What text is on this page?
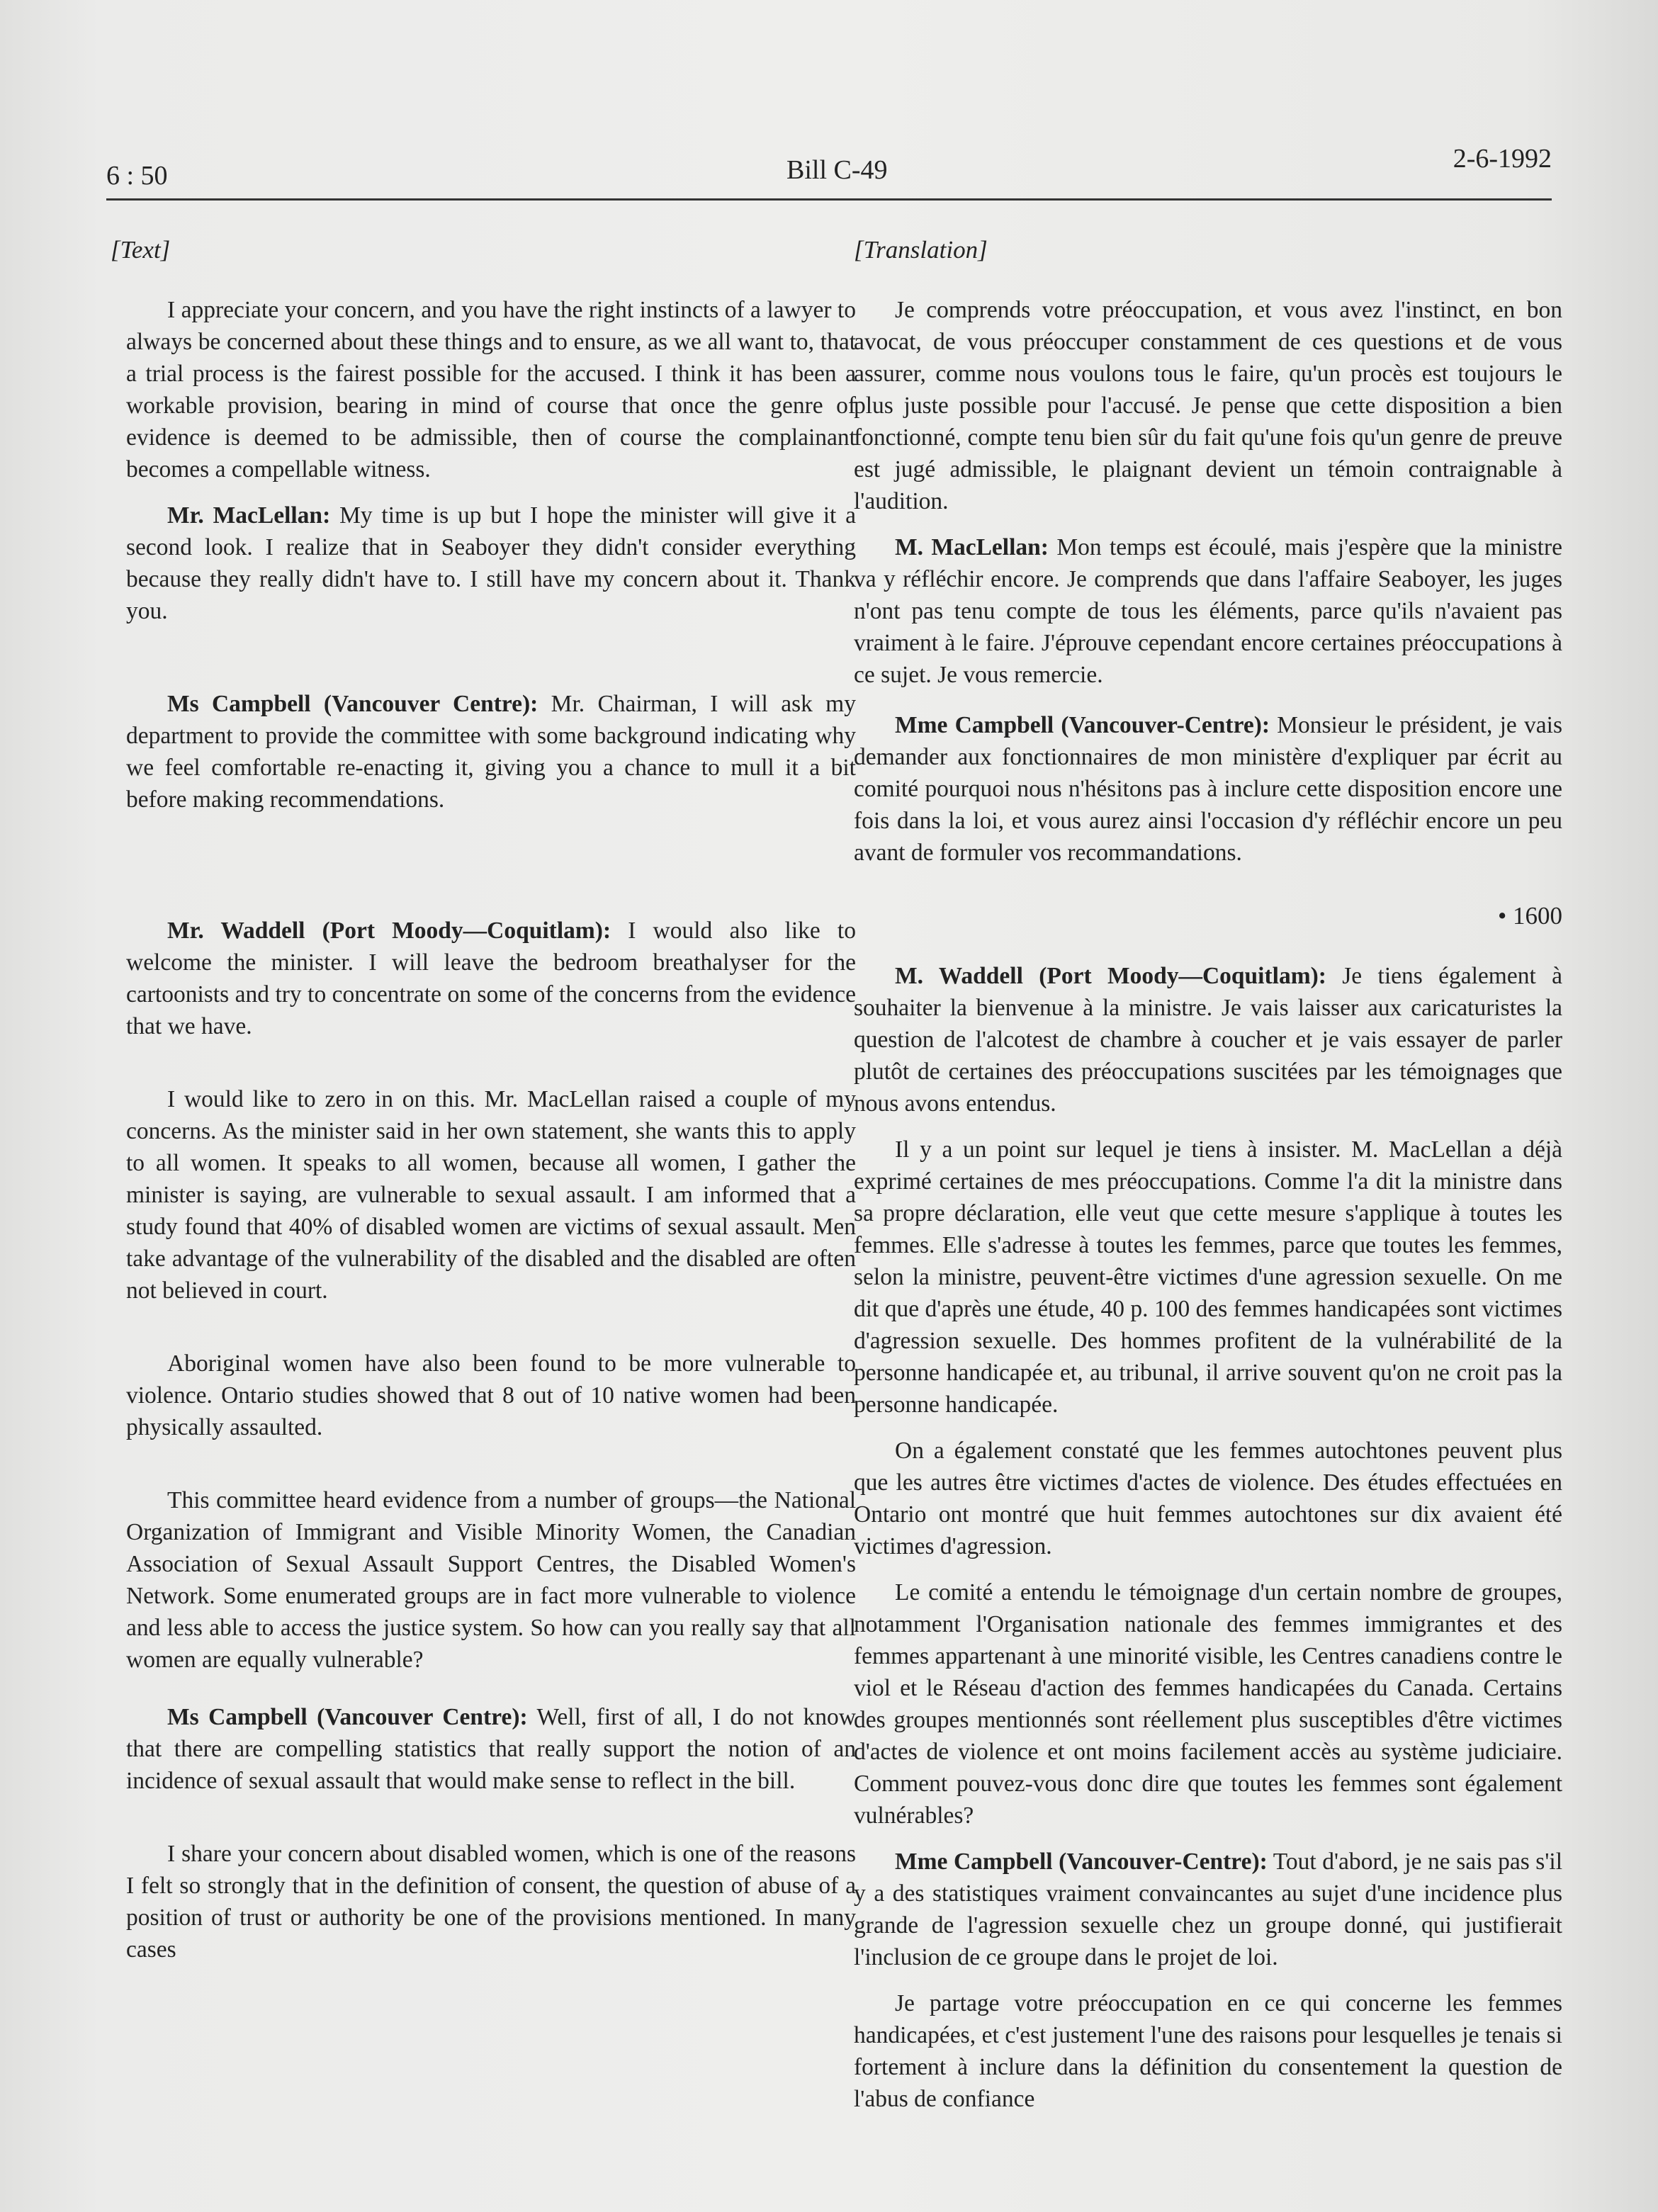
6 : 50	Bill C-49	2-6-1992
[Text]

I appreciate your concern, and you have the right instincts of a lawyer to always be concerned about these things and to ensure, as we all want to, that a trial process is the fairest possible for the accused. I think it has been a workable provision, bearing in mind of course that once the genre of evidence is deemed to be admissible, then of course the complainant becomes a compellable witness.

Mr. MacLellan: My time is up but I hope the minister will give it a second look. I realize that in Seaboyer they didn't consider everything because they really didn't have to. I still have my concern about it. Thank you.

Ms Campbell (Vancouver Centre): Mr. Chairman, I will ask my department to provide the committee with some background indicating why we feel comfortable re-enacting it, giving you a chance to mull it a bit before making recommendations.

Mr. Waddell (Port Moody—Coquitlam): I would also like to welcome the minister. I will leave the bedroom breathalyser for the cartoonists and try to concentrate on some of the concerns from the evidence that we have.

I would like to zero in on this. Mr. MacLellan raised a couple of my concerns. As the minister said in her own statement, she wants this to apply to all women. It speaks to all women, because all women, I gather the minister is saying, are vulnerable to sexual assault. I am informed that a study found that 40% of disabled women are victims of sexual assault. Men take advantage of the vulnerability of the disabled and the disabled are often not believed in court.

Aboriginal women have also been found to be more vulnerable to violence. Ontario studies showed that 8 out of 10 native women had been physically assaulted.

This committee heard evidence from a number of groups—the National Organization of Immigrant and Visible Minority Women, the Canadian Association of Sexual Assault Support Centres, the Disabled Women's Network. Some enumerated groups are in fact more vulnerable to violence and less able to access the justice system. So how can you really say that all women are equally vulnerable?

Ms Campbell (Vancouver Centre): Well, first of all, I do not know that there are compelling statistics that really support the notion of an incidence of sexual assault that would make sense to reflect in the bill.

I share your concern about disabled women, which is one of the reasons I felt so strongly that in the definition of consent, the question of abuse of a position of trust or authority be one of the provisions mentioned. In many cases

[Translation]

Je comprends votre préoccupation, et vous avez l'instinct, en bon avocat, de vous préoccuper constamment de ces questions et de vous assurer, comme nous voulons tous le faire, qu'un procès est toujours le plus juste possible pour l'accusé. Je pense que cette disposition a bien fonctionné, compte tenu bien sûr du fait qu'une fois qu'un genre de preuve est jugé admissible, le plaignant devient un témoin contraignable à l'audition.

M. MacLellan: Mon temps est écoulé, mais j'espère que la ministre va y réfléchir encore. Je comprends que dans l'affaire Seaboyer, les juges n'ont pas tenu compte de tous les éléments, parce qu'ils n'avaient pas vraiment à le faire. J'éprouve cependant encore certaines préoccupations à ce sujet. Je vous remercie.

Mme Campbell (Vancouver-Centre): Monsieur le président, je vais demander aux fonctionnaires de mon ministère d'expliquer par écrit au comité pourquoi nous n'hésitons pas à inclure cette disposition encore une fois dans la loi, et vous aurez ainsi l'occasion d'y réfléchir encore un peu avant de formuler vos recommandations.

• 1600

M. Waddell (Port Moody—Coquitlam): Je tiens également à souhaiter la bienvenue à la ministre. Je vais laisser aux caricaturistes la question de l'alcotest de chambre à coucher et je vais essayer de parler plutôt de certaines des préoccupations suscitées par les témoignages que nous avons entendus.

Il y a un point sur lequel je tiens à insister. M. MacLellan a déjà exprimé certaines de mes préoccupations. Comme l'a dit la ministre dans sa propre déclaration, elle veut que cette mesure s'applique à toutes les femmes. Elle s'adresse à toutes les femmes, parce que toutes les femmes, selon la ministre, peuvent-être victimes d'une agression sexuelle. On me dit que d'après une étude, 40 p. 100 des femmes handicapées sont victimes d'agression sexuelle. Des hommes profitent de la vulnérabilité de la personne handicapée et, au tribunal, il arrive souvent qu'on ne croit pas la personne handicapée.

On a également constaté que les femmes autochtones peuvent plus que les autres être victimes d'actes de violence. Des études effectuées en Ontario ont montré que huit femmes autochtones sur dix avaient été victimes d'agression.

Le comité a entendu le témoignage d'un certain nombre de groupes, notamment l'Organisation nationale des femmes immigrantes et des femmes appartenant à une minorité visible, les Centres canadiens contre le viol et le Réseau d'action des femmes handicapées du Canada. Certains des groupes mentionnés sont réellement plus susceptibles d'être victimes d'actes de violence et ont moins facilement accès au système judiciaire. Comment pouvez-vous donc dire que toutes les femmes sont également vulnérables?

Mme Campbell (Vancouver-Centre): Tout d'abord, je ne sais pas s'il y a des statistiques vraiment convaincantes au sujet d'une incidence plus grande de l'agression sexuelle chez un groupe donné, qui justifierait l'inclusion de ce groupe dans le projet de loi.

Je partage votre préoccupation en ce qui concerne les femmes handicapées, et c'est justement l'une des raisons pour lesquelles je tenais si fortement à inclure dans la définition du consentement la question de l'abus de confiance
